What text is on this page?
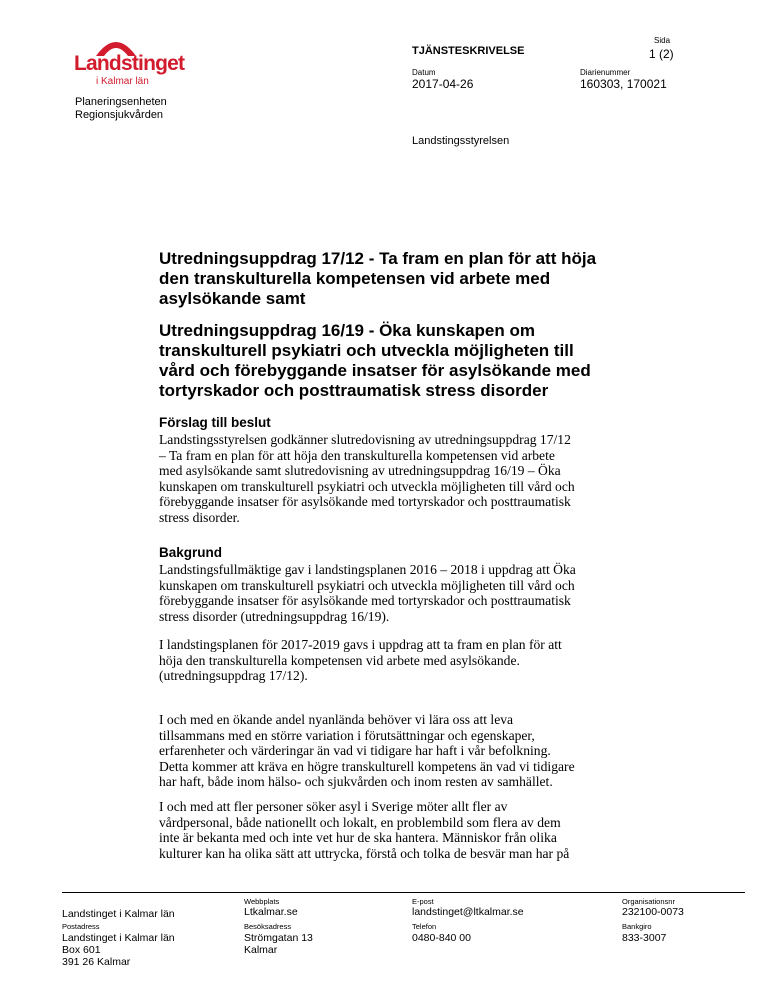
Landstinget
i Kalmar län
Planeringsenheten
Regionsjukvården
TJÄNSTESKRIVELSE
Sida
1 (2)
Datum
2017-04-26
Diarienummer
160303, 170021
Landstingsstyrelsen
Utredningsuppdrag 17/12 - Ta fram en plan för att höja
den transkulturella kompetensen vid arbete med
asylsökande samt
Utredningsuppdrag 16/19 - Öka kunskapen om
transkulturell psykiatri och utveckla möjligheten till
vård och förebyggande insatser för asylsökande med
tortyrskador och posttraumatisk stress disorder
Förslag till beslut
Landstingsstyrelsen godkänner slutredovisning av utredningsuppdrag 17/12
– Ta fram en plan för att höja den transkulturella kompetensen vid arbete
med asylsökande samt slutredovisning av utredningsuppdrag 16/19 – Öka
kunskapen om transkulturell psykiatri och utveckla möjligheten till vård och
förebyggande insatser för asylsökande med tortyrskador och posttraumatisk
stress disorder.
Bakgrund
Landstingsfullmäktige gav i landstingsplanen 2016 – 2018 i uppdrag att Öka
kunskapen om transkulturell psykiatri och utveckla möjligheten till vård och
förebyggande insatser för asylsökande med tortyrskador och posttraumatisk
stress disorder (utredningsuppdrag 16/19).
I landstingsplanen för 2017-2019 gavs i uppdrag att ta fram en plan för att
höja den transkulturella kompetensen vid arbete med asylsökande.
(utredningsuppdrag 17/12).
I och med en ökande andel nyanlända behöver vi lära oss att leva
tillsammans med en större variation i förutsättningar och egenskaper,
erfarenheter och värderingar än vad vi tidigare har haft i vår befolkning.
Detta kommer att kräva en högre transkulturell kompetens än vad vi tidigare
har haft, både inom hälso- och sjukvården och inom resten av samhället.
I och med att fler personer söker asyl i Sverige möter allt fler av
vårdpersonal, både nationellt och lokalt, en problembild som flera av dem
inte är bekanta med och inte vet hur de ska hantera. Människor från olika
kulturer kan ha olika sätt att uttrycka, förstå och tolka de besvär man har på
Landstinget i Kalmar län
Webbplats
Ltkalmar.se
E-post
landstinget@ltkalmar.se
Organisationsnr
232100-0073
Postadress
Landstinget i Kalmar län
Box 601
391 26 Kalmar
Besöksadress
Strömgatan 13
Kalmar
Telefon
0480-840 00
Bankgiro
833-3007
